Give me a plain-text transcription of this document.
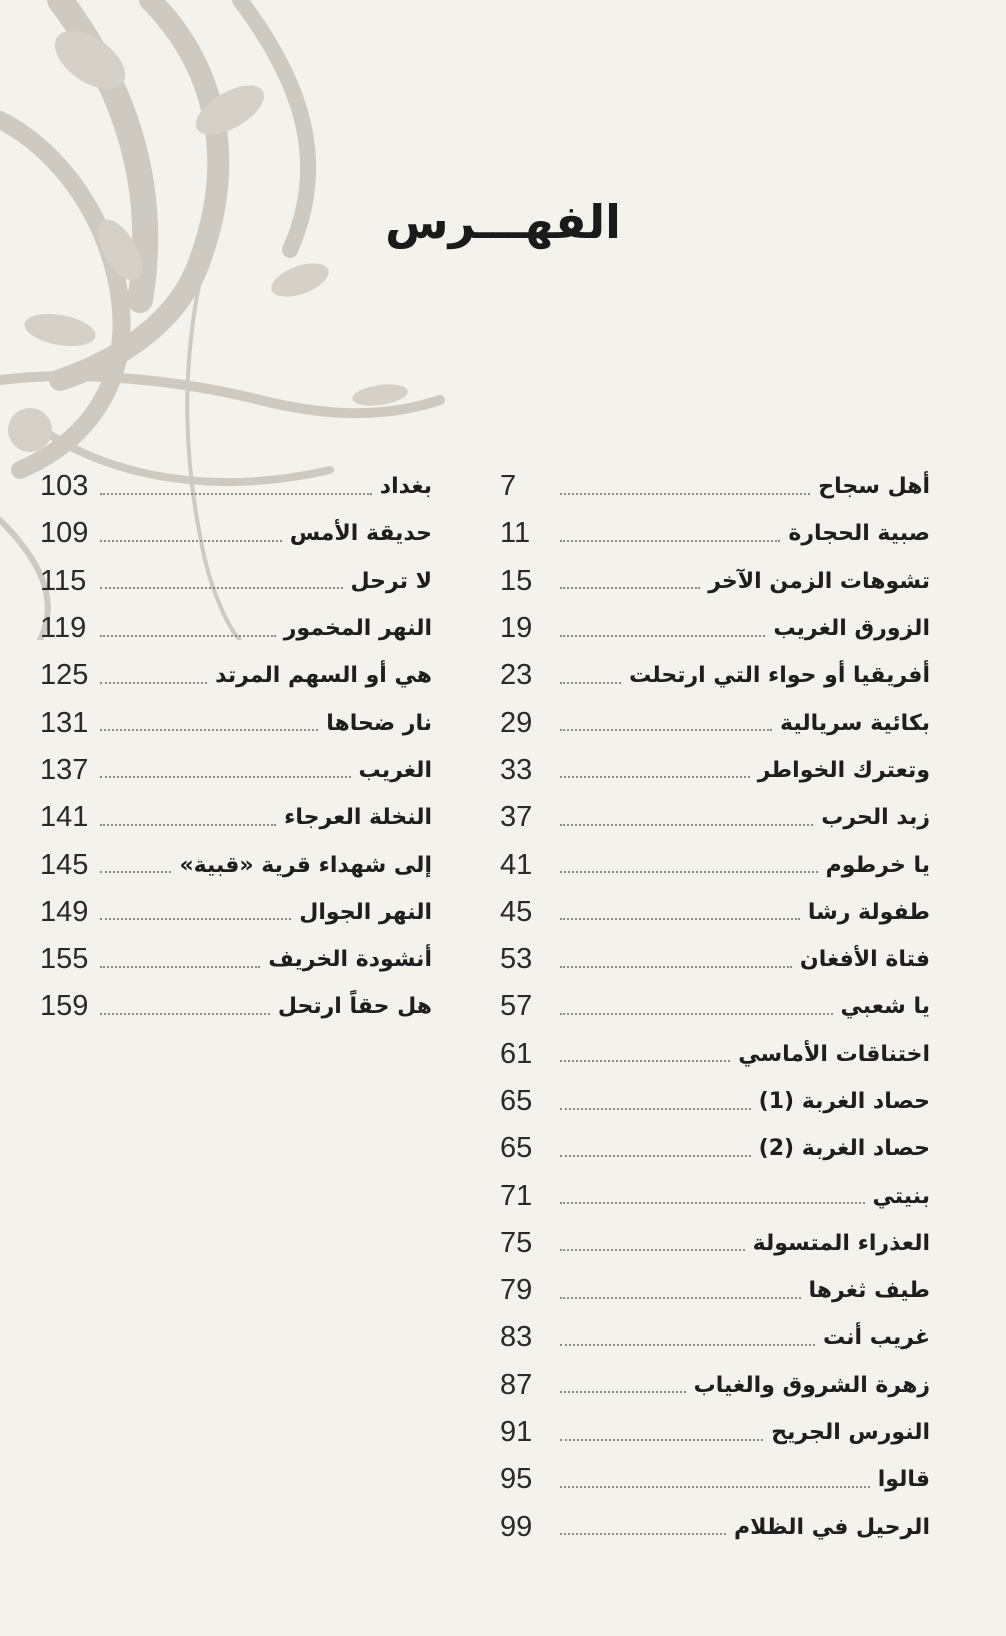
الفهـــرس
7	أهل سجاح
11	صبية الحجارة
15	تشوهات الزمن الآخر
19	الزورق الغريب
23	أفريقيا أو حواء التي ارتحلت
29	بكائية سريالية
33	وتعترك الخواطر
37	زبد الحرب
41	يا خرطوم
45	طفولة رشا
53	فتاة الأفغان
57	يا شعبي
61	اختناقات الأماسي
65	حصاد الغربة (1)
65	حصاد الغربة (2)
71	بنيتي
75	العذراء المتسولة
79	طيف ثغرها
83	غريب أنت
87	زهرة الشروق والغياب
91	النورس الجريح
95	قالوا
99	الرحيل في الظلام
103	بغداد
109	حديقة الأمس
115	لا ترحل
119	النهر المخمور
125	هي أو السهم المرتد
131	نار ضحاها
137	الغريب
141	النخلة العرجاء
145	إلى شهداء قرية «قبية»
149	النهر الجوال
155	أنشودة الخريف
159	هل حقاً ارتحل
